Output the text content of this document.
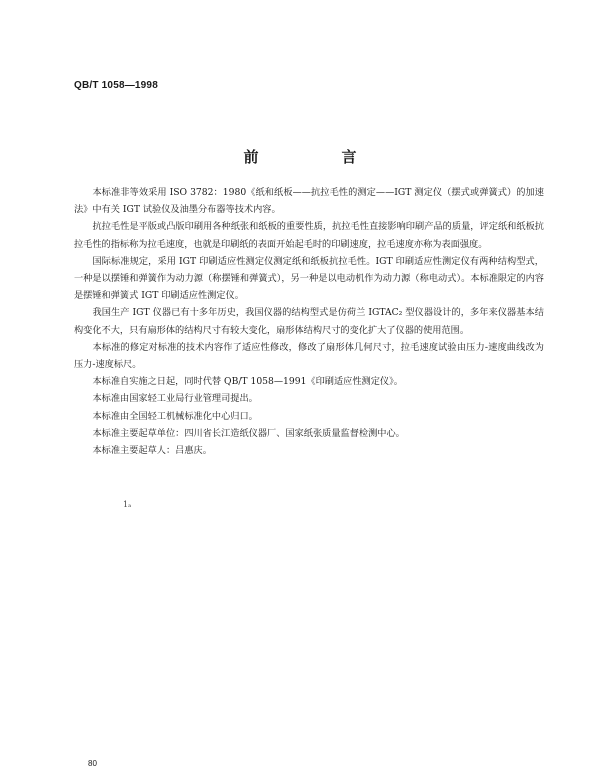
QB/T 1058—1998
前　言

本标准非等效采用 ISO 3782：1980《纸和纸板——抗拉毛性的测定——IGT 测定仪（摆式或弹簧式）的加速法》中有关 IGT 试验仪及油墨分布器等技术内容。

抗拉毛性是平版或凸版印刷用各种纸张和纸板的重要性质，抗拉毛性直接影响印刷产品的质量，评定纸和纸板抗拉毛性的指标称为拉毛速度，也就是印刷纸的表面开始起毛时的印刷速度，拉毛速度亦称为表面强度。

国际标准规定，采用 IGT 印刷适应性测定仪测定纸和纸板抗拉毛性。IGT 印刷适应性测定仪有两种结构型式，一种是以摆锤和弹簧作为动力源（称摆锤和弹簧式），另一种是以电动机作为动力源（称电动式）。本标准限定的内容是摆锤和弹簧式 IGT 印刷适应性测定仪。

我国生产 IGT 仪器已有十多年历史，我国仪器的结构型式是仿荷兰 IGTAC₂ 型仪器设计的，多年来仪器基本结构变化不大，只有扇形体的结构尺寸有较大变化，扇形体结构尺寸的变化扩大了仪器的使用范围。

本标准的修定对标准的技术内容作了适应性修改，修改了扇形体几何尺寸，拉毛速度试验由压力-速度曲线改为压力-速度标尺。

本标准自实施之日起，同时代替 QB/T 1058—1991《印刷适应性测定仪》。

本标准由国家轻工业局行业管理司提出。

本标准由全国轻工机械标准化中心归口。

本标准主要起草单位：四川省长江造纸仪器厂、国家纸张质量监督检测中心。

本标准主要起草人：吕惠庆。

1ₐ
80
